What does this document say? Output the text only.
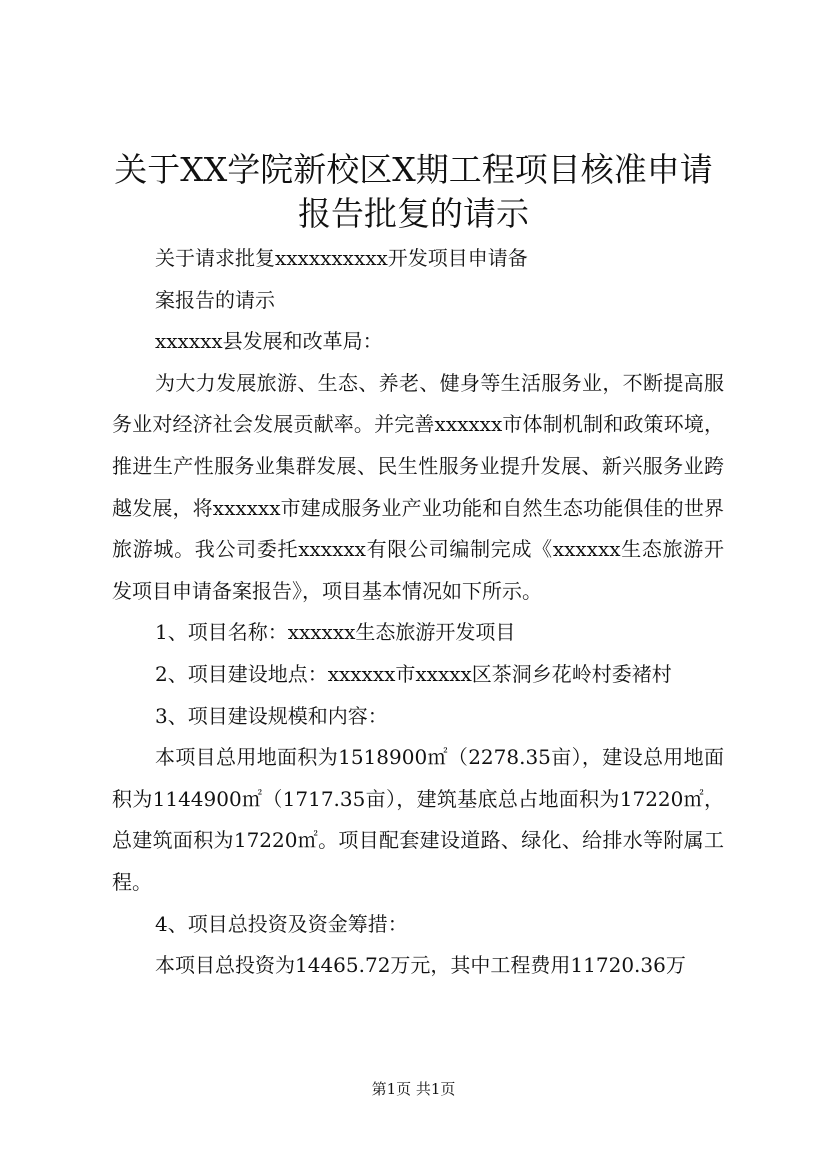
关于XX学院新校区X期工程项目核准申请报告批复的请示

关于请求批复xxxxxxxxxx开发项目申请备

案报告的请示

xxxxxx县发展和改革局：

为大力发展旅游、生态、养老、健身等生活服务业，不断提高服务业对经济社会发展贡献率。并完善xxxxxx市体制机制和政策环境，推进生产性服务业集群发展、民生性服务业提升发展、新兴服务业跨越发展，将xxxxxx市建成服务业产业功能和自然生态功能俱佳的世界旅游城。我公司委托xxxxxx有限公司编制完成《xxxxxx生态旅游开发项目申请备案报告》，项目基本情况如下所示。

1、项目名称：xxxxxx生态旅游开发项目

2、项目建设地点：xxxxxx市xxxxx区茶洞乡花岭村委褚村

3、项目建设规模和内容：

本项目总用地面积为1518900㎡（2278.35亩），建设总用地面积为1144900㎡（1717.35亩），建筑基底总占地面积为17220㎡，总建筑面积为17220㎡。项目配套建设道路、绿化、给排水等附属工程。

4、项目总投资及资金筹措：

本项目总投资为14465.72万元，其中工程费用11720.36万

第1页 共1页
